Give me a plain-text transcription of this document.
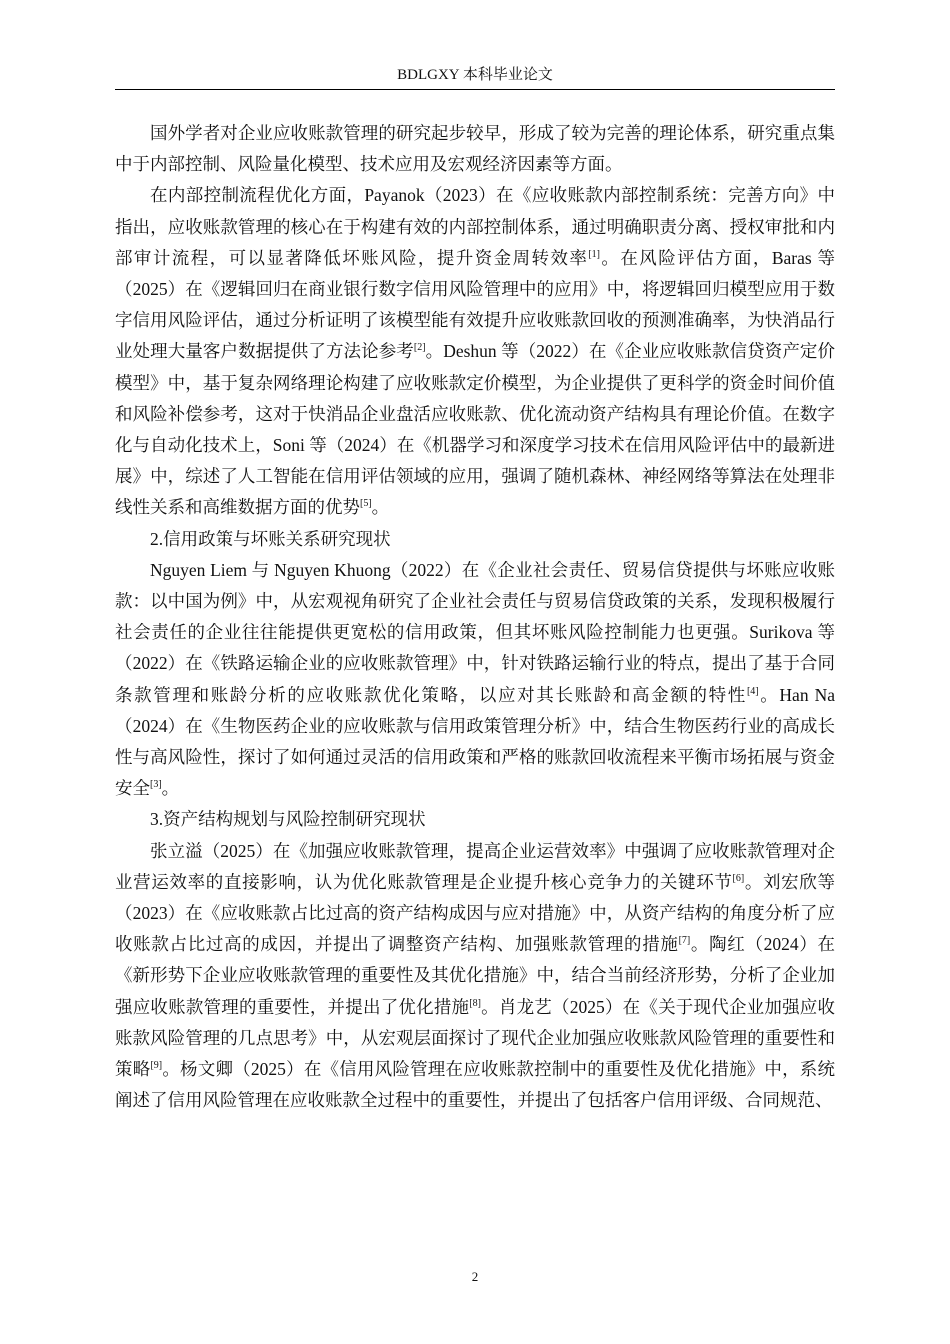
BDLGXY 本科毕业论文

国外学者对企业应收账款管理的研究起步较早，形成了较为完善的理论体系，研究重点集中于内部控制、风险量化模型、技术应用及宏观经济因素等方面。

在内部控制流程优化方面，Payanok（2023）在《应收账款内部控制系统：完善方向》中指出，应收账款管理的核心在于构建有效的内部控制体系，通过明确职责分离、授权审批和内部审计流程，可以显著降低坏账风险，提升资金周转效率[1]。在风险评估方面，Baras 等（2025）在《逻辑回归在商业银行数字信用风险管理中的应用》中，将逻辑回归模型应用于数字信用风险评估，通过分析证明了该模型能有效提升应收账款回收的预测准确率，为快消品行业处理大量客户数据提供了方法论参考[2]。Deshun 等（2022）在《企业应收账款信贷资产定价模型》中，基于复杂网络理论构建了应收账款定价模型，为企业提供了更科学的资金时间价值和风险补偿参考，这对于快消品企业盘活应收账款、优化流动资产结构具有理论价值。在数字化与自动化技术上，Soni 等（2024）在《机器学习和深度学习技术在信用风险评估中的最新进展》中，综述了人工智能在信用评估领域的应用，强调了随机森林、神经网络等算法在处理非线性关系和高维数据方面的优势[5]。

2.信用政策与坏账关系研究现状

Nguyen Liem 与 Nguyen Khuong（2022）在《企业社会责任、贸易信贷提供与坏账应收账款：以中国为例》中，从宏观视角研究了企业社会责任与贸易信贷政策的关系，发现积极履行社会责任的企业往往能提供更宽松的信用政策，但其坏账风险控制能力也更强。Surikova 等（2022）在《铁路运输企业的应收账款管理》中，针对铁路运输行业的特点，提出了基于合同条款管理和账龄分析的应收账款优化策略，以应对其长账龄和高金额的特性[4]。Han Na（2024）在《生物医药企业的应收账款与信用政策管理分析》中，结合生物医药行业的高成长性与高风险性，探讨了如何通过灵活的信用政策和严格的账款回收流程来平衡市场拓展与资金安全[3]。

3.资产结构规划与风险控制研究现状

张立溢（2025）在《加强应收账款管理，提高企业运营效率》中强调了应收账款管理对企业营运效率的直接影响，认为优化账款管理是企业提升核心竞争力的关键环节[6]。刘宏欣等（2023）在《应收账款占比过高的资产结构成因与应对措施》中，从资产结构的角度分析了应收账款占比过高的成因，并提出了调整资产结构、加强账款管理的措施[7]。陶红（2024）在《新形势下企业应收账款管理的重要性及其优化措施》中，结合当前经济形势，分析了企业加强应收账款管理的重要性，并提出了优化措施[8]。肖龙艺（2025）在《关于现代企业加强应收账款风险管理的几点思考》中，从宏观层面探讨了现代企业加强应收账款风险管理的重要性和策略[9]。杨文卿（2025）在《信用风险管理在应收账款控制中的重要性及优化措施》中，系统阐述了信用风险管理在应收账款全过程中的重要性，并提出了包括客户信用评级、合同规范、

2
